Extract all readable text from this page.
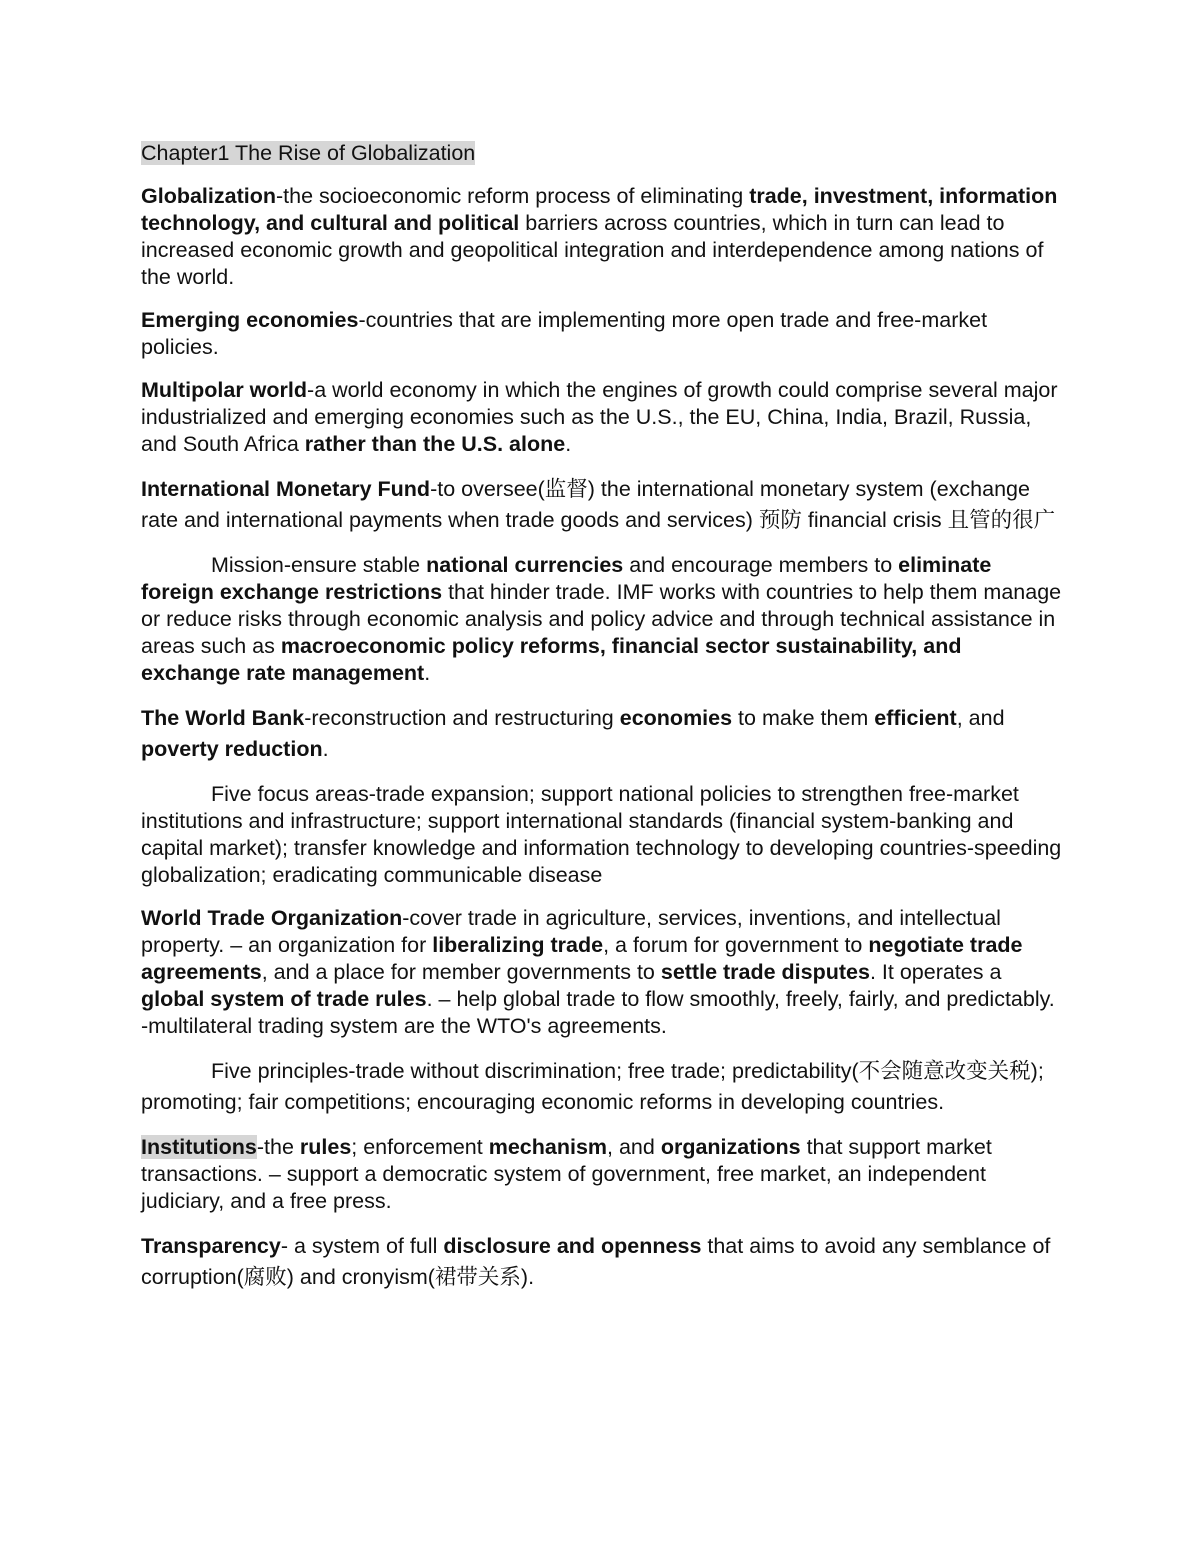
Chapter1 The Rise of Globalization

Globalization-the socioeconomic reform process of eliminating trade, investment, information technology, and cultural and political barriers across countries, which in turn can lead to increased economic growth and geopolitical integration and interdependence among nations of the world.

Emerging economies-countries that are implementing more open trade and free-market policies.

Multipolar world-a world economy in which the engines of growth could comprise several major industrialized and emerging economies such as the U.S., the EU, China, India, Brazil, Russia, and South Africa rather than the U.S. alone.

International Monetary Fund-to oversee(监督) the international monetary system (exchange rate and international payments when trade goods and services) 预防 financial crisis 且管的很广

Mission-ensure stable national currencies and encourage members to eliminate foreign exchange restrictions that hinder trade. IMF works with countries to help them manage or reduce risks through economic analysis and policy advice and through technical assistance in areas such as macroeconomic policy reforms, financial sector sustainability, and exchange rate management.

The World Bank-reconstruction and restructuring economies to make them efficient, and poverty reduction.

Five focus areas-trade expansion; support national policies to strengthen free-market institutions and infrastructure; support international standards (financial system-banking and capital market); transfer knowledge and information technology to developing countries-speeding globalization; eradicating communicable disease

World Trade Organization-cover trade in agriculture, services, inventions, and intellectual property. – an organization for liberalizing trade, a forum for government to negotiate trade agreements, and a place for member governments to settle trade disputes. It operates a global system of trade rules. – help global trade to flow smoothly, freely, fairly, and predictably. -multilateral trading system are the WTO's agreements.

Five principles-trade without discrimination; free trade; predictability(不会随意改变关税); promoting; fair competitions; encouraging economic reforms in developing countries.

Institutions-the rules; enforcement mechanism, and organizations that support market transactions. – support a democratic system of government, free market, an independent judiciary, and a free press.

Transparency- a system of full disclosure and openness that aims to avoid any semblance of corruption(腐败) and cronyism(裙带关系).
